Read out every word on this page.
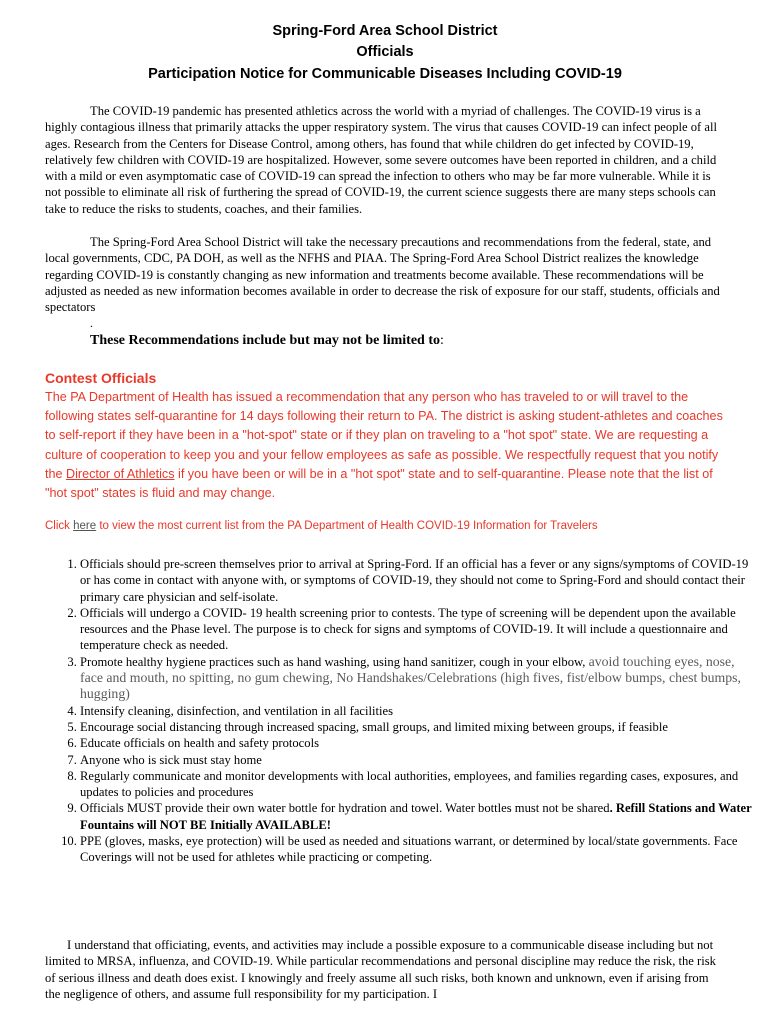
Spring-Ford Area School District
Officials
Participation Notice for Communicable Diseases Including COVID-19

The COVID-19 pandemic has presented athletics across the world with a myriad of challenges. The COVID-19 virus is a highly contagious illness that primarily attacks the upper respiratory system. The virus that causes COVID-19 can infect people of all ages. Research from the Centers for Disease Control, among others, has found that while children do get infected by COVID-19, relatively few children with COVID-19 are hospitalized. However, some severe outcomes have been reported in children, and a child with a mild or even asymptomatic case of COVID-19 can spread the infection to others who may be far more vulnerable. While it is not possible to eliminate all risk of furthering the spread of COVID-19, the current science suggests there are many steps schools can take to reduce the risks to students, coaches, and their families.

The Spring-Ford Area School District will take the necessary precautions and recommendations from the federal, state, and local governments, CDC, PA DOH, as well as the NFHS and PIAA. The Spring-Ford Area School District realizes the knowledge regarding COVID-19 is constantly changing as new information and treatments become available. These recommendations will be adjusted as needed as new information becomes available in order to decrease the risk of exposure for our staff, students, officials and spectators

.
These Recommendations include but may not be limited to:
Contest Officials

The PA Department of Health has issued a recommendation that any person who has traveled to or will travel to the following states self-quarantine for 14 days following their return to PA. The district is asking student-athletes and coaches to self-report if they have been in a "hot-spot" state or if they plan on traveling to a "hot spot" state. We are requesting a culture of cooperation to keep you and your fellow employees as safe as possible. We respectfully request that you notify the Director of Athletics if you have been or will be in a "hot spot" state and to self-quarantine. Please note that the list of "hot spot" states is fluid and may change.

Click here to view the most current list from the PA Department of Health COVID-19 Information for Travelers
1. Officials should pre-screen themselves prior to arrival at Spring-Ford. If an official has a fever or any signs/symptoms of COVID-19 or has come in contact with anyone with, or symptoms of COVID-19, they should not come to Spring-Ford and should contact their primary care physician and self-isolate.
2. Officials will undergo a COVID- 19 health screening prior to contests. The type of screening will be dependent upon the available resources and the Phase level. The purpose is to check for signs and symptoms of COVID-19. It will include a questionnaire and temperature check as needed.
3. Promote healthy hygiene practices such as hand washing, using hand sanitizer, cough in your elbow, avoid touching eyes, nose, face and mouth, no spitting, no gum chewing, No Handshakes/Celebrations (high fives, fist/elbow bumps, chest bumps, hugging)
4. Intensify cleaning, disinfection, and ventilation in all facilities
5. Encourage social distancing through increased spacing, small groups, and limited mixing between groups, if feasible
6. Educate officials on health and safety protocols
7. Anyone who is sick must stay home
8. Regularly communicate and monitor developments with local authorities, employees, and families regarding cases, exposures, and updates to policies and procedures
9. Officials MUST provide their own water bottle for hydration and towel. Water bottles must not be shared. Refill Stations and Water Fountains will NOT BE Initially AVAILABLE!
10. PPE (gloves, masks, eye protection) will be used as needed and situations warrant, or determined by local/state governments. Face Coverings will not be used for athletes while practicing or competing.

I understand that officiating, events, and activities may include a possible exposure to a communicable disease including but not limited to MRSA, influenza, and COVID-19. While particular recommendations and personal discipline may reduce the risk, the risk of serious illness and death does exist. I knowingly and freely assume all such risks, both known and unknown, even if arising from the negligence of others, and assume full responsibility for my participation. I
